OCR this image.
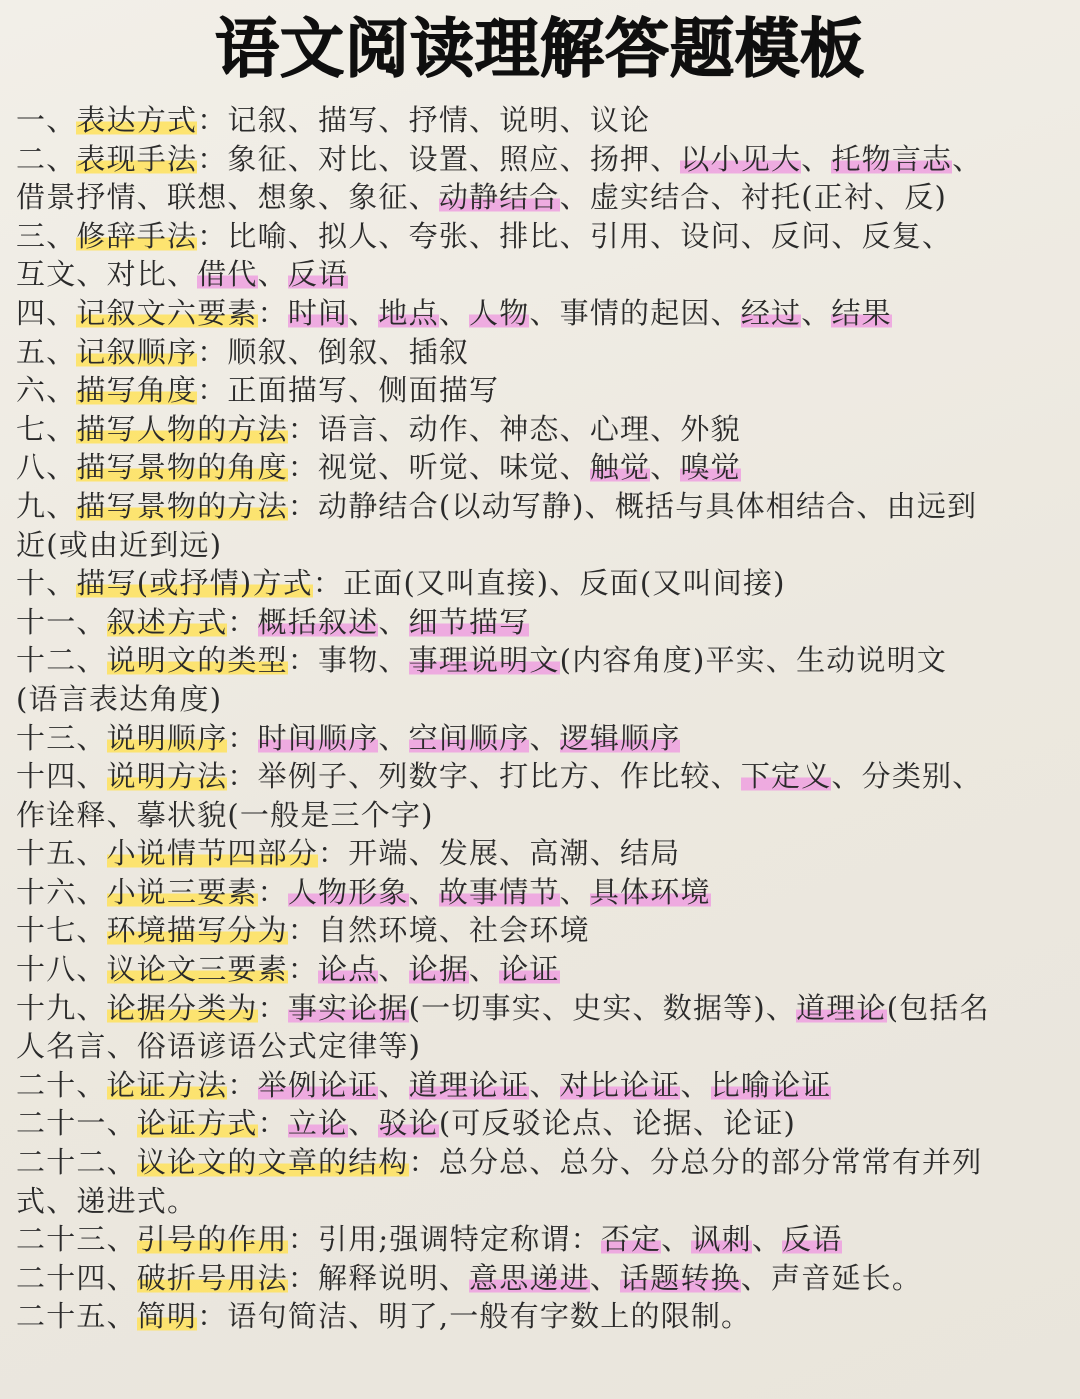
语文阅读理解答题模板
一、表达方式：记叙、描写、抒情、说明、议论
二、表现手法：象征、对比、设置、照应、扬押、以小见大、托物言志、
借景抒情、联想、想象、象征、动静结合、虚实结合、衬托(正衬、反)
三、修辞手法：比喻、拟人、夸张、排比、引用、设问、反问、反复、
互文、对比、借代、反语
四、记叙文六要素：时间、地点、人物、事情的起因、经过、结果
五、记叙顺序：顺叙、倒叙、插叙
六、描写角度：正面描写、侧面描写
七、描写人物的方法：语言、动作、神态、心理、外貌
八、描写景物的角度：视觉、听觉、味觉、触觉、嗅觉
九、描写景物的方法：动静结合(以动写静)、概括与具体相结合、由远到
近(或由近到远)
十、描写(或抒情)方式：正面(又叫直接)、反面(又叫间接)
十一、叙述方式：概括叙述、细节描写
十二、说明文的类型：事物、事理说明文(内容角度)平实、生动说明文
(语言表达角度)
十三、说明顺序：时间顺序、空间顺序、逻辑顺序
十四、说明方法：举例子、列数字、打比方、作比较、下定义、分类别、
作诠释、摹状貌(一般是三个字)
十五、小说情节四部分：开端、发展、高潮、结局
十六、小说三要素：人物形象、故事情节、具体环境
十七、环境描写分为：自然环境、社会环境
十八、议论文三要素：论点、论据、论证
十九、论据分类为：事实论据(一切事实、史实、数据等)、道理论(包括名
人名言、俗语谚语公式定律等)
二十、论证方法：举例论证、道理论证、对比论证、比喻论证
二十一、论证方式：立论、驳论(可反驳论点、论据、论证)
二十二、议论文的文章的结构：总分总、总分、分总分的部分常常有并列
式、递进式。
二十三、引号的作用：引用;强调特定称谓：否定、讽刺、反语
二十四、破折号用法：解释说明、意思递进、话题转换、声音延长。
二十五、简明：语句简洁、明了,一般有字数上的限制。
